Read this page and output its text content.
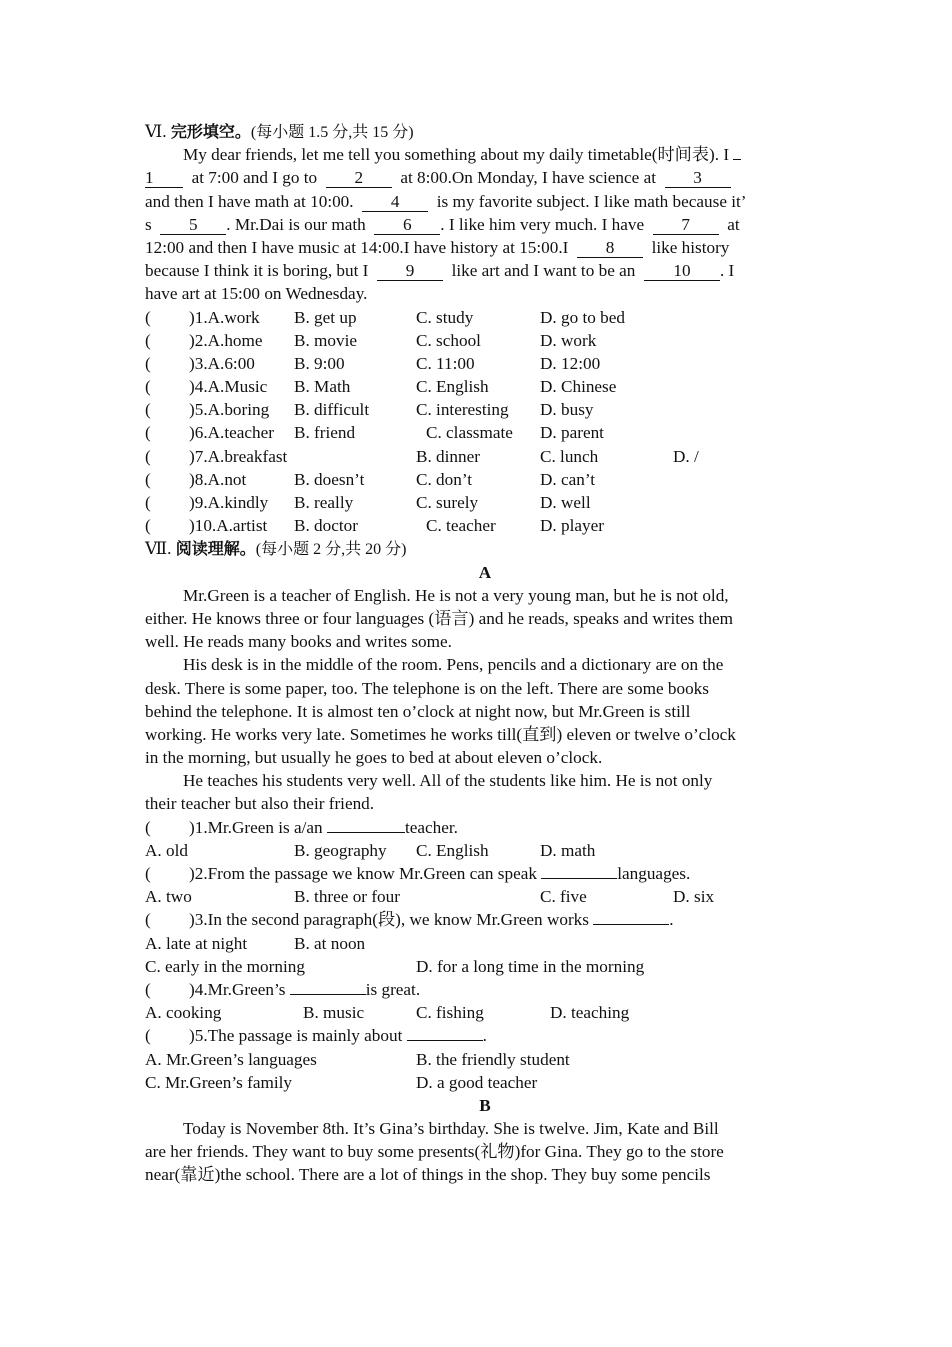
Ⅵ. 完形填空。(每小题 1.5 分,共 15 分)
My dear friends, let me tell you something about my daily timetable(时间表). I
1 at 7:00 and I go to 2 at 8:00.On Monday, I have science at 3
and then I have math at 10:00. 4 is my favorite subject. I like math because it’
s 5 . Mr.Dai is our math 6 . I like him very much. I have 7 at
12:00 and then I have music at 14:00.I have history at 15:00.I 8 like history
because I think it is boring, but I 9 like art and I want to be an 10 . I
have art at 15:00 on Wednesday.
( )1.A.work B. get up	C. study	D. go to bed
( )2.A.home B. movie	C. school	D. work
( )3.A.6:00 B. 9:00	C. 11:00	D. 12:00
( )4.A.Music B. Math	C. English	D. Chinese
( )5.A.boring B. difficult	C. interesting D. busy
( )6.A.teacher B. friend	C. classmate D. parent
( )7.A.breakfast	B. dinner	C. lunch	D. /
( )8.A.not	B. doesn’t	C. don’t	D. can’t
( )9.A.kindly B. really	C. surely	D. well
( )10.A.artist B. doctor	C. teacher	D. player
Ⅶ. 阅读理解。(每小题 2 分,共 20 分)
A
Mr.Green is a teacher of English. He is not a very young man, but he is not old,
either. He knows three or four languages (语言) and he reads, speaks and writes them
well. He reads many books and writes some.
His desk is in the middle of the room. Pens, pencils and a dictionary are on the
desk. There is some paper, too. The telephone is on the left. There are some books
behind the telephone. It is almost ten o’clock at night now, but Mr.Green is still
working. He works very late. Sometimes he works till(直到) eleven or twelve o’clock
in the morning, but usually he goes to bed at about eleven o’clock.
He teaches his students very well. All of the students like him. He is not only
their teacher but also their friend.
( )1.Mr.Green is a/an	teacher.
A. old	B. geography C. English	D. math
( )2.From the passage we know Mr.Green can speak	languages.
A. two	B. three or four	C. five	D. six
( )3.In the second paragraph(段), we know Mr.Green works	.
A. late at night	B. at noon
C. early in the morning	D. for a long time in the morning
( )4.Mr.Green’s	is great.
A. cooking	B. music	C. fishing	D. teaching
( )5.The passage is mainly about	.
A. Mr.Green’s languages	B. the friendly student
C. Mr.Green’s family	D. a good teacher
B
Today is November 8th. It’s Gina’s birthday. She is twelve. Jim, Kate and Bill
are her friends. They want to buy some presents(礼物)for Gina. They go to the store
near(靠近)the school. There are a lot of things in the shop. They buy some pencils
